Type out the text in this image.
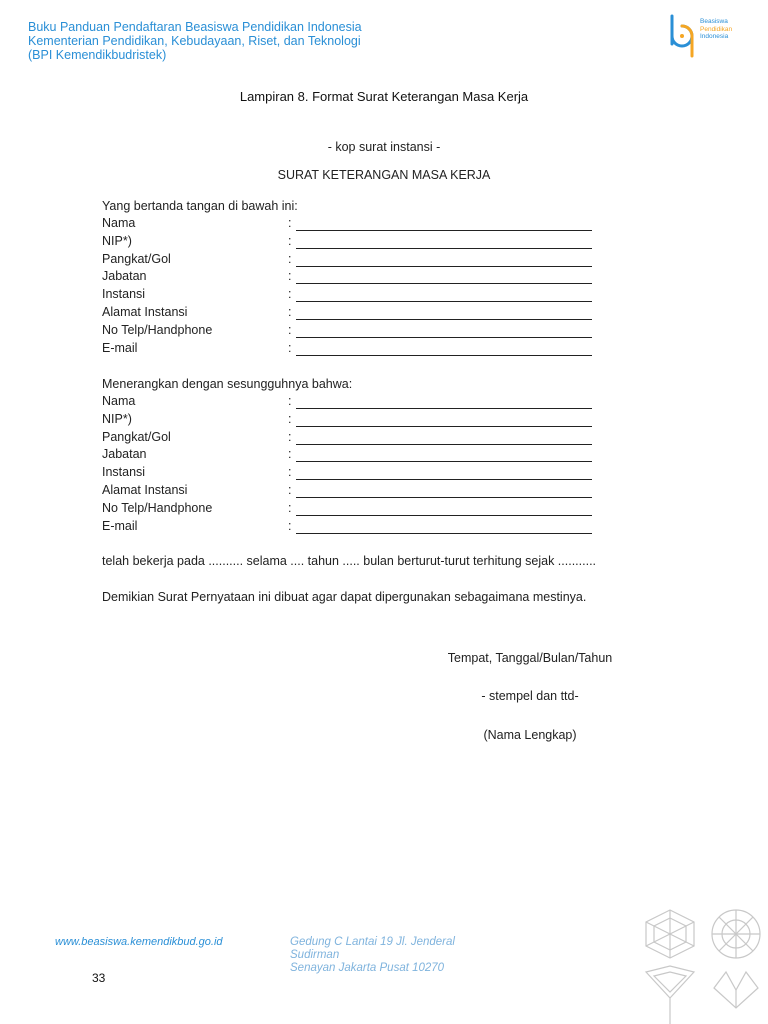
Buku Panduan Pendaftaran Beasiswa Pendidikan Indonesia
Kementerian Pendidikan, Kebudayaan, Riset, dan Teknologi
(BPI Kemendikbudristek)
Beasiswa
Pendidikan
Indonesia
Lampiran 8. Format Surat Keterangan Masa Kerja
- kop surat instansi -
SURAT KETERANGAN MASA KERJA
Yang bertanda tangan di bawah ini:
Nama	:
NIP*)	:
Pangkat/Gol	:
Jabatan	:
Instansi	:
Alamat Instansi	:
No Telp/Handphone	:
E-mail	:
Menerangkan dengan sesungguhnya bahwa:
Nama	:
NIP*)	:
Pangkat/Gol	:
Jabatan	:
Instansi	:
Alamat Instansi	:
No Telp/Handphone	:
E-mail	:
telah bekerja pada .......... selama .... tahun ..... bulan berturut-turut terhitung sejak ...........
Demikian Surat Pernyataan ini dibuat agar dapat dipergunakan sebagaimana mestinya.
Tempat, Tanggal/Bulan/Tahun
- stempel dan ttd-
(Nama Lengkap)
www.beasiswa.kemendikbud.go.id	Gedung C Lantai 19 Jl. Jenderal
Sudirman
Senayan Jakarta Pusat 10270
33
